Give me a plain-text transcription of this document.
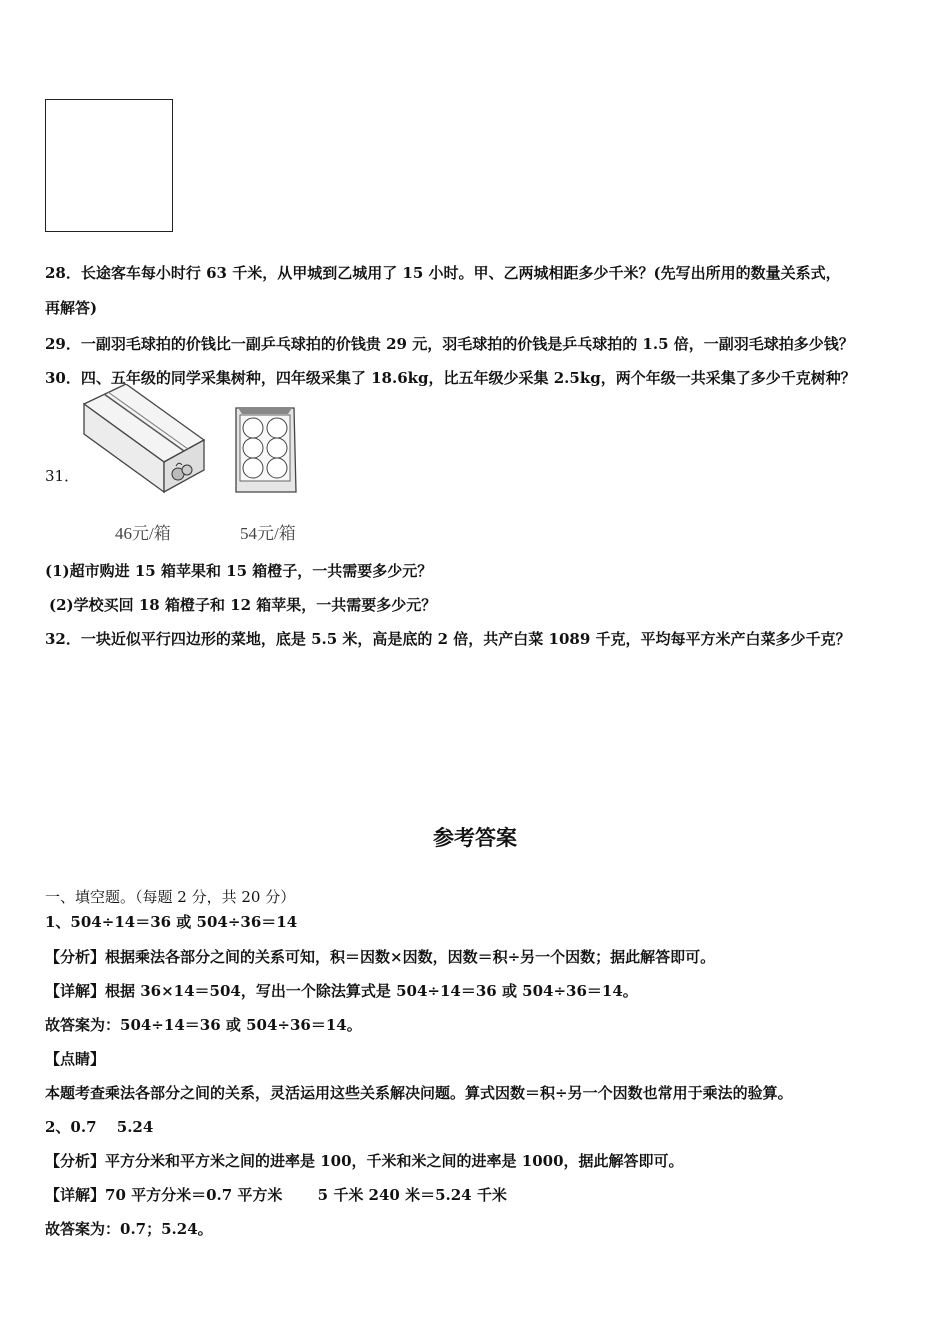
28．长途客车每小时行 63 千米，从甲城到乙城用了 15 小时。甲、乙两城相距多少千米？(先写出所用的数量关系式，
再解答)
29．一副羽毛球拍的价钱比一副乒乓球拍的价钱贵 29 元，羽毛球拍的价钱是乒乓球拍的 1.5 倍，一副羽毛球拍多少钱？
30．四、五年级的同学采集树种，四年级采集了 18.6kg，比五年级少采集 2.5kg，两个年级一共采集了多少千克树种？
31．
46元/箱	54元/箱
(1)超市购进 15 箱苹果和 15 箱橙子，一共需要多少元？
(2)学校买回 18 箱橙子和 12 箱苹果，一共需要多少元？
32．一块近似平行四边形的菜地，底是 5.5 米，高是底的 2 倍，共产白菜 1089 千克，平均每平方米产白菜多少千克？
参考答案
一、填空题。（每题 2 分，共 20 分）
1、504÷14＝36 或 504÷36＝14
【分析】根据乘法各部分之间的关系可知，积＝因数×因数，因数＝积÷另一个因数；据此解答即可。
【详解】根据 36×14＝504，写出一个除法算式是 504÷14＝36 或 504÷36＝14。
故答案为：504÷14＝36 或 504÷36＝14。
【点睛】
本题考查乘法各部分之间的关系，灵活运用这些关系解决问题。算式因数＝积÷另一个因数也常用于乘法的验算。
2、0.7　 5.24
【分析】平方分米和平方米之间的进率是 100，千米和米之间的进率是 1000，据此解答即可。
【详解】70 平方分米＝0.7 平方米　　 5 千米 240 米＝5.24 千米
故答案为：0.7；5.24。
